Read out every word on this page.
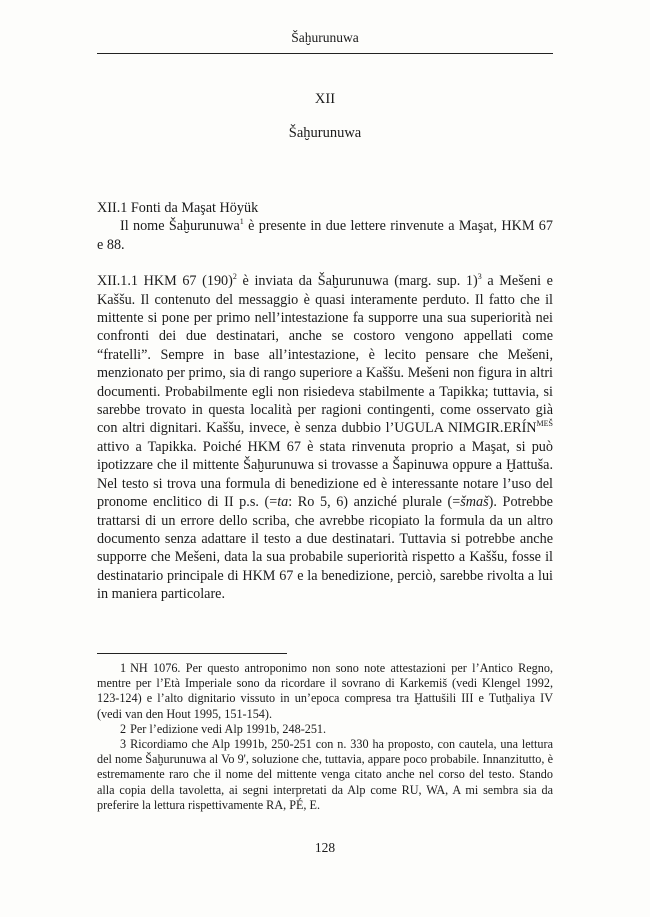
Šaḫurunuwa
XII
Šaḫurunuwa

XII.1 Fonti da Maşat Höyük

Il nome Šaḫurunuwa$^1$ è presente in due lettere rinvenute a Maşat, HKM 67 e 88.

XII.1.1 HKM 67 $(190)^2$ è inviata da Šaḫurunuwa (marg. sup. 1)$^3$ a Mešeni e Kaššu. Il contenuto del messaggio è quasi interamente perduto. Il fatto che il mittente si pone per primo nell’intestazione fa supporre una sua superiorità nei confronti dei due destinatari, anche se costoro vengono appellati come “fratelli”. Sempre in base all’intestazione, è lecito pensare che Mešeni, menzionato per primo, sia di rango superiore a Kaššu. Mešeni non figura in altri documenti. Probabilmente egli non risiedeva stabilmente a Tapikka; tuttavia, si sarebbe trovato in questa località per ragioni contingenti, come osservato già con altri dignitari. Kaššu, invece, è senza dubbio l’UGULA $NIMGIR.ERÍN^{MEŠ}$ attivo a Tapikka. Poiché HKM 67 è stata rinvenuta proprio a Maşat, si può ipotizzare che il mittente Šaḫurunuwa si trovasse a Šapinuwa oppure a Ḫattuša. Nel testo si trova una formula di benedizione ed è interessante notare l’uso del pronome enclitico di II p.s. (=ta: Ro 5, 6) anziché plurale (=šmaš). Potrebbe trattarsi di un errore dello scriba, che avrebbe ricopiato la formula da un altro documento senza adattare il testo a due destinatari. Tuttavia si potrebbe anche supporre che Mešeni, data la sua probabile superiorità rispetto a Kaššu, fosse il destinatario principale di HKM 67 e la benedizione, perciò, sarebbe rivolta a lui in maniera particolare.

1 NH 1076. Per questo antroponimo non sono note attestazioni per l’Antico Regno, mentre per l’Età Imperiale sono da ricordare il sovrano di Karkemiš (vedi Klengel 1992, 123-124) e l’alto dignitario vissuto in un’epoca compresa tra Ḫattušili III e Tutḫaliya IV (vedi van den Hout 1995, 151-154).

2 Per l’edizione vedi Alp 1991b, 248-251.

3 Ricordiamo che Alp 1991b, 250-251 con n. 330 ha proposto, con cautela, una lettura del nome Šaḫurunuwa al Vo 9', soluzione che, tuttavia, appare poco probabile. Innanzitutto, è estremamente raro che il nome del mittente venga citato anche nel corso del testo. Stando alla copia della tavoletta, ai segni interpretati da Alp come RU, WA, A mi sembra sia da preferire la lettura rispettivamente RA, PÉ, E.

128
